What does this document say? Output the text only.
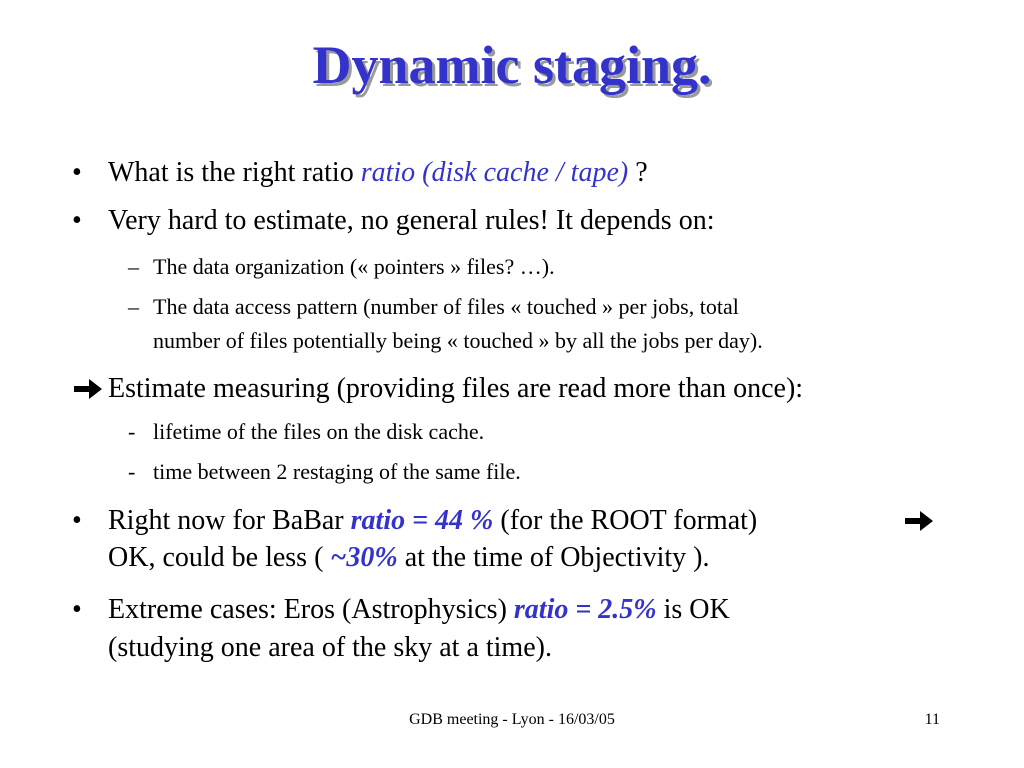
Dynamic staging.
• What is the right ratio ratio (disk cache / tape) ?
• Very hard to estimate, no general rules! It depends on:
– The data organization (« pointers » files? …).
– The data access pattern (number of files « touched » per jobs, total
number of files potentially being « touched » by all the jobs per day).
Estimate measuring (providing files are read more than once):
- lifetime of the files on the disk cache.
- time between 2 restaging of the same file.
• Right now for BaBar ratio = 44 % (for the ROOT format)
OK, could be less ( ~30% at the time of Objectivity ).
• Extreme cases: Eros (Astrophysics) ratio = 2.5% is OK
(studying one area of the sky at a time).
GDB meeting - Lyon - 16/03/05	11
